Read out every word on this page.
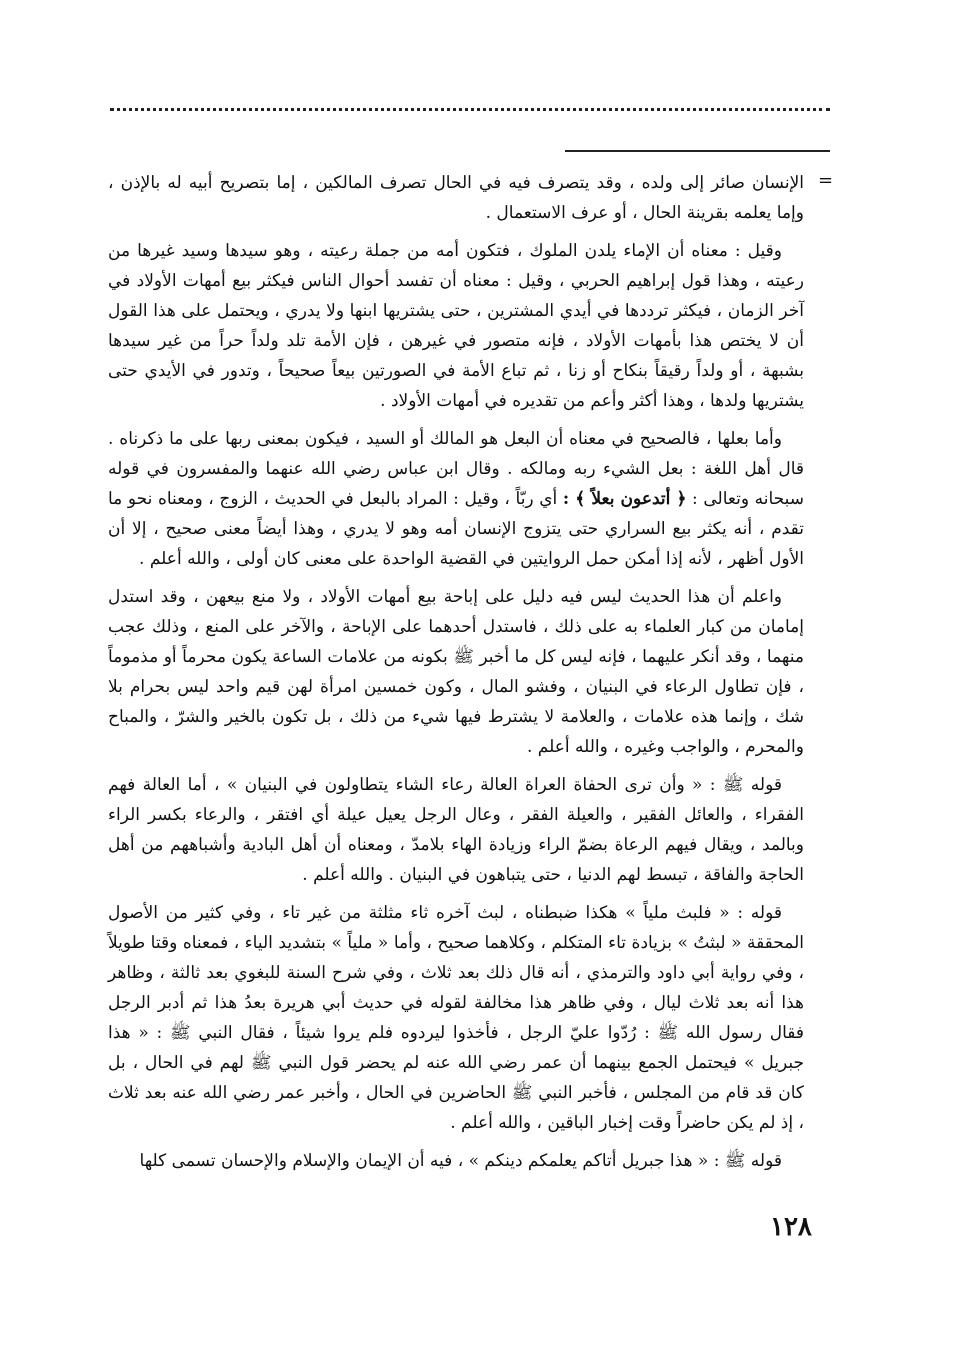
=

الإنسان صائر إلى ولده ، وقد يتصرف فيه في الحال تصرف المالكين ، إما بتصريح أبيه له بالإذن ، وإما يعلمه بقرينة الحال ، أو عرف الاستعمال .

وقيل : معناه أن الإماء يلدن الملوك ، فتكون أمه من جملة رعيته ، وهو سيدها وسيد غيرها من رعيته ، وهذا قول إبراهيم الحربي ، وقيل : معناه أن تفسد أحوال الناس فيكثر بيع أمهات الأولاد في آخر الزمان ، فيكثر ترددها في أيدي المشترين ، حتى يشتريها ابنها ولا يدري ، ويحتمل على هذا القول أن لا يختص هذا بأمهات الأولاد ، فإنه متصور في غيرهن ، فإن الأمة تلد ولداً حراً من غير سيدها بشبهة ، أو ولداً رقيقاً بنكاح أو زنا ، ثم تباع الأمة في الصورتين بيعاً صحيحاً ، وتدور في الأيدي حتى يشتريها ولدها ، وهذا أكثر وأعم من تقديره في أمهات الأولاد .

وأما بعلها ، فالصحيح في معناه أن البعل هو المالك أو السيد ، فيكون بمعنى ربها على ما ذكرناه . قال أهل اللغة : بعل الشيء ربه ومالكه . وقال ابن عباس رضي الله عنهما والمفسرون في قوله سبحانه وتعالى : ﴿ أتدعون بعلاً ﴾ : أي ربّاً ، وقيل : المراد بالبعل في الحديث ، الزوج ، ومعناه نحو ما تقدم ، أنه يكثر بيع السراري حتى يتزوج الإنسان أمه وهو لا يدري ، وهذا أيضاً معنى صحيح ، إلا أن الأول أظهر ، لأنه إذا أمكن حمل الروايتين في القضية الواحدة على معنى كان أولى ، والله أعلم .

واعلم أن هذا الحديث ليس فيه دليل على إباحة بيع أمهات الأولاد ، ولا منع بيعهن ، وقد استدل إمامان من كبار العلماء به على ذلك ، فاستدل أحدهما على الإباحة ، والآخر على المنع ، وذلك عجب منهما ، وقد أنكر عليهما ، فإنه ليس كل ما أخبر ﷺ بكونه من علامات الساعة يكون محرماً أو مذموماً ، فإن تطاول الرعاء في البنيان ، وفشو المال ، وكون خمسين امرأة لهن قيم واحد ليس بحرام بلا شك ، وإنما هذه علامات ، والعلامة لا يشترط فيها شيء من ذلك ، بل تكون بالخير والشرّ ، والمباح والمحرم ، والواجب وغيره ، والله أعلم .

قوله ﷺ : « وأن ترى الحفاة العراة العالة رعاء الشاء يتطاولون في البنيان » ، أما العالة فهم الفقراء ، والعائل الفقير ، والعيلة الفقر ، وعال الرجل يعيل عيلة أي افتقر ، والرعاء بكسر الراء وبالمد ، ويقال فيهم الرعاة بضمّ الراء وزيادة الهاء بلامدّ ، ومعناه أن أهل البادية وأشباههم من أهل الحاجة والفاقة ، تبسط لهم الدنيا ، حتى يتباهون في البنيان . والله أعلم .

قوله : « فلبث ملياً » هكذا ضبطناه ، لبث آخره ثاء مثلثة من غير تاء ، وفي كثير من الأصول المحققة « لبثتُ » بزيادة تاء المتكلم ، وكلاهما صحيح ، وأما « ملياً » بتشديد الياء ، فمعناه وقتا طويلاً ، وفي رواية أبي داود والترمذي ، أنه قال ذلك بعد ثلاث ، وفي شرح السنة للبغوي بعد ثالثة ، وظاهر هذا أنه بعد ثلاث ليال ، وفي ظاهر هذا مخالفة لقوله في حديث أبي هريرة بعدُ هذا ثم أدبر الرجل فقال رسول الله ﷺ : رُدّوا عليّ الرجل ، فأخذوا ليردوه فلم يروا شيئاً ، فقال النبي ﷺ : « هذا جبريل » فيحتمل الجمع بينهما أن عمر رضي الله عنه لم يحضر قول النبي ﷺ لهم في الحال ، بل كان قد قام من المجلس ، فأخبر النبي ﷺ الحاضرين في الحال ، وأخبر عمر رضي الله عنه بعد ثلاث ، إذ لم يكن حاضراً وقت إخبار الباقين ، والله أعلم .

قوله ﷺ : « هذا جبريل أتاكم يعلمكم دينكم » ، فيه أن الإيمان والإسلام والإحسان تسمى كلها

١٢٨
